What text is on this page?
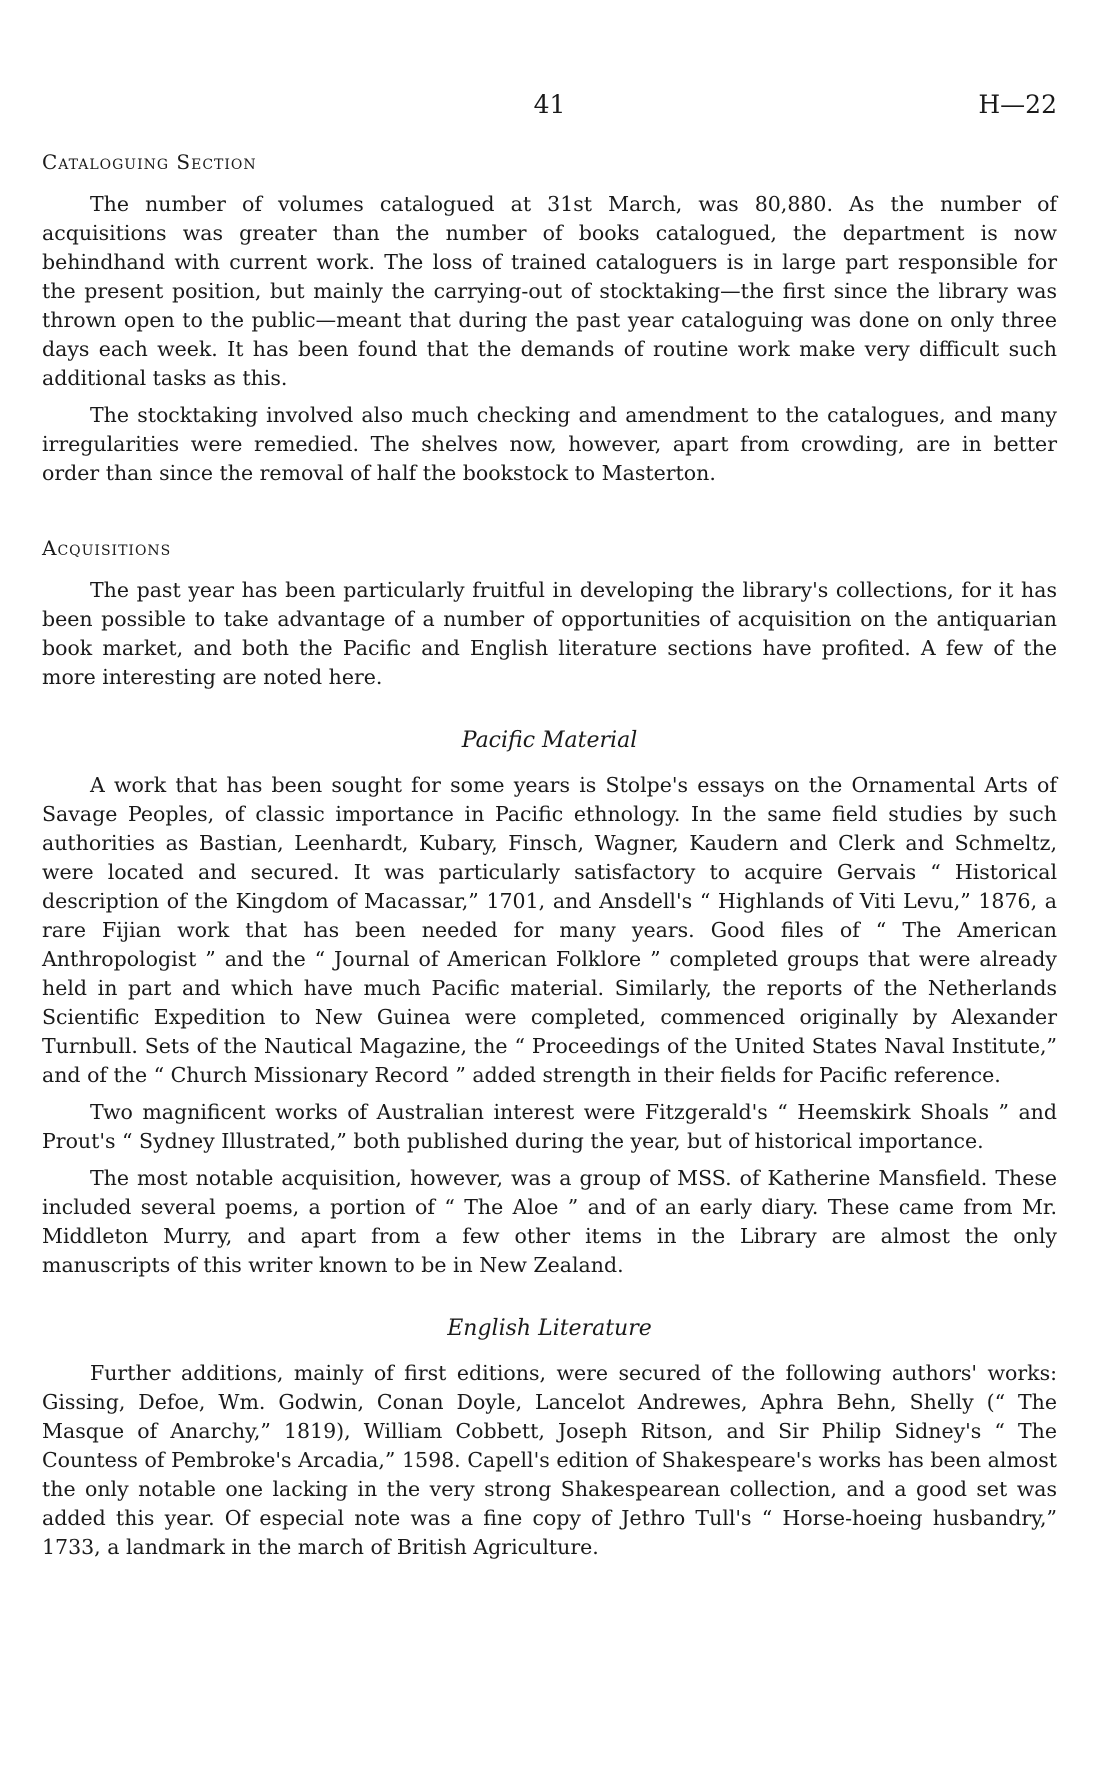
41	H—22
Cataloguing Section

The number of volumes catalogued at 31st March, was 80,880. As the number of acquisitions was greater than the number of books catalogued, the department is now behindhand with current work. The loss of trained cataloguers is in large part responsible for the present position, but mainly the carrying-out of stocktaking—the first since the library was thrown open to the public—meant that during the past year cataloguing was done on only three days each week. It has been found that the demands of routine work make very difficult such additional tasks as this.

The stocktaking involved also much checking and amendment to the catalogues, and many irregularities were remedied. The shelves now, however, apart from crowding, are in better order than since the removal of half the bookstock to Masterton.

Acquisitions

The past year has been particularly fruitful in developing the library's collections, for it has been possible to take advantage of a number of opportunities of acquisition on the antiquarian book market, and both the Pacific and English literature sections have profited. A few of the more interesting are noted here.

Pacific Material

A work that has been sought for some years is Stolpe's essays on the Ornamental Arts of Savage Peoples, of classic importance in Pacific ethnology. In the same field studies by such authorities as Bastian, Leenhardt, Kubary, Finsch, Wagner, Kaudern and Clerk and Schmeltz, were located and secured. It was particularly satisfactory to acquire Gervais “ Historical description of the Kingdom of Macassar,” 1701, and Ansdell's “ Highlands of Viti Levu,” 1876, a rare Fijian work that has been needed for many years. Good files of “ The American Anthropologist ” and the “ Journal of American Folklore ” completed groups that were already held in part and which have much Pacific material. Similarly, the reports of the Netherlands Scientific Expedition to New Guinea were completed, commenced originally by Alexander Turnbull. Sets of the Nautical Magazine, the “ Proceedings of the United States Naval Institute,” and of the “ Church Missionary Record ” added strength in their fields for Pacific reference.

Two magnificent works of Australian interest were Fitzgerald's “ Heemskirk Shoals ” and Prout's “ Sydney Illustrated,” both published during the year, but of historical importance.

The most notable acquisition, however, was a group of MSS. of Katherine Mansfield. These included several poems, a portion of “ The Aloe ” and of an early diary. These came from Mr. Middleton Murry, and apart from a few other items in the Library are almost the only manuscripts of this writer known to be in New Zealand.

English Literature

Further additions, mainly of first editions, were secured of the following authors' works: Gissing, Defoe, Wm. Godwin, Conan Doyle, Lancelot Andrewes, Aphra Behn, Shelly (“ The Masque of Anarchy,” 1819), William Cobbett, Joseph Ritson, and Sir Philip Sidney's “ The Countess of Pembroke's Arcadia,” 1598. Capell's edition of Shakespeare's works has been almost the only notable one lacking in the very strong Shakespearean collection, and a good set was added this year. Of especial note was a fine copy of Jethro Tull's “ Horse-hoeing husbandry,” 1733, a landmark in the march of British Agriculture.
